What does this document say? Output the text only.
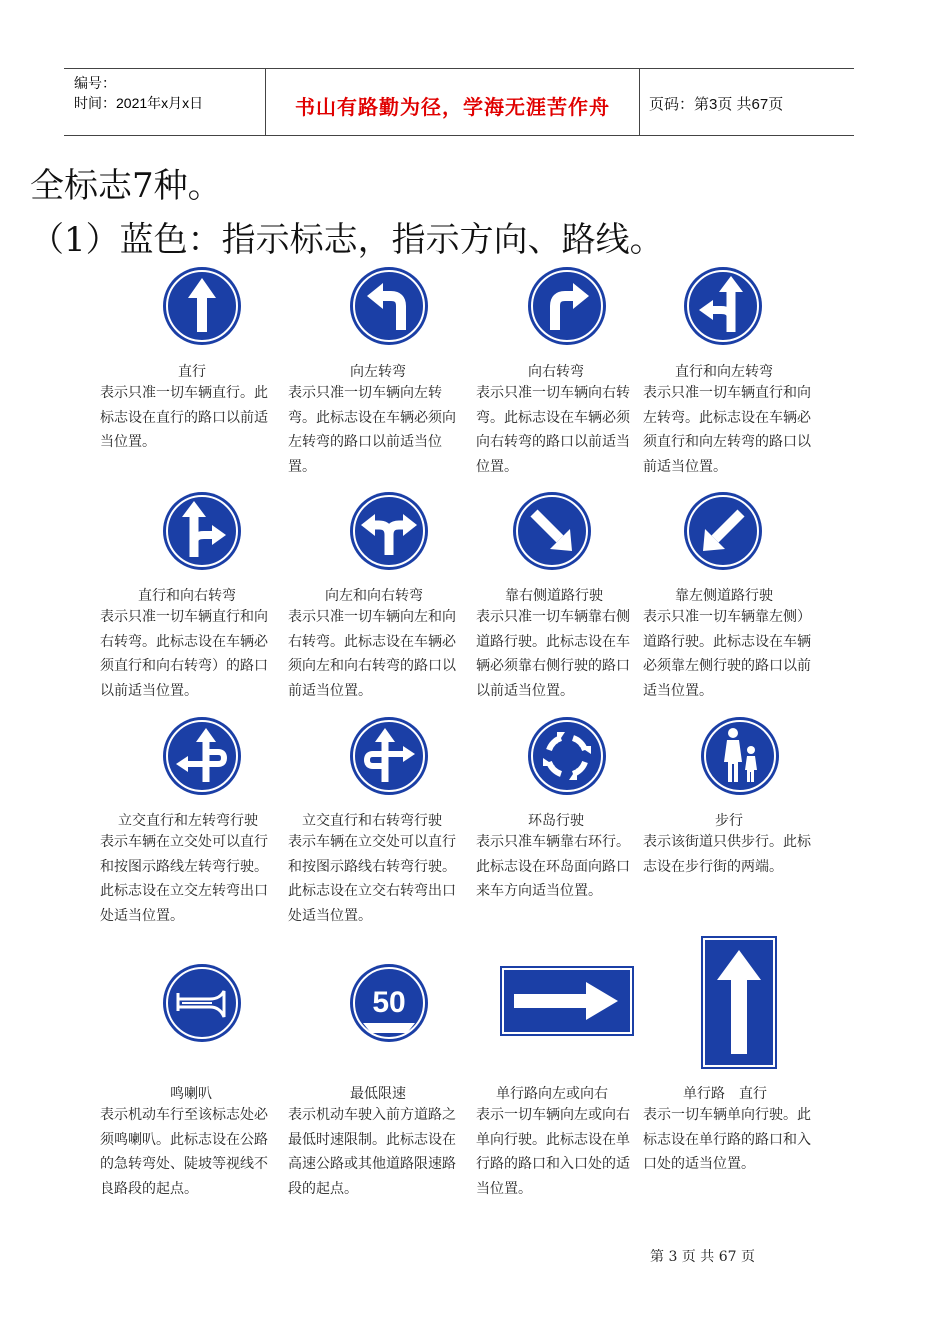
编号：
时间：2021年x月x日	书山有路勤为径，学海无涯苦作舟	页码：第3页 共67页
全标志7种。
（1）蓝色：指示标志，指示方向、路线。
50
直行
表示只准一切车辆直行。此标志设在直行的路口以前适当位置。
向左转弯
表示只准一切车辆向左转弯。此标志设在车辆必须向左转弯的路口以前适当位置。
向右转弯
表示只准一切车辆向右转弯。此标志设在车辆必须向右转弯的路口以前适当位置。
直行和向左转弯
表示只准一切车辆直行和向左转弯。此标志设在车辆必须直行和向左转弯的路口以前适当位置。
直行和向右转弯
表示只准一切车辆直行和向右转弯。此标志设在车辆必须直行和向右转弯）的路口以前适当位置。
向左和向右转弯
表示只准一切车辆向左和向右转弯。此标志设在车辆必须向左和向右转弯的路口以前适当位置。
靠右侧道路行驶
表示只准一切车辆靠右侧道路行驶。此标志设在车辆必须靠右侧行驶的路口以前适当位置。
靠左侧道路行驶
表示只准一切车辆靠左侧）道路行驶。此标志设在车辆必须靠左侧行驶的路口以前适当位置。
立交直行和左转弯行驶
表示车辆在立交处可以直行和按图示路线左转弯行驶。此标志设在立交左转弯出口处适当位置。
立交直行和右转弯行驶
表示车辆在立交处可以直行和按图示路线右转弯行驶。此标志设在立交右转弯出口处适当位置。
环岛行驶
表示只准车辆靠右环行。此标志设在环岛面向路口来车方向适当位置。
步行
表示该街道只供步行。此标志设在步行街的两端。
鸣喇叭
表示机动车行至该标志处必须鸣喇叭。此标志设在公路的急转弯处、陡坡等视线不良路段的起点。
最低限速
表示机动车驶入前方道路之最低时速限制。此标志设在高速公路或其他道路限速路段的起点。
单行路向左或向右
表示一切车辆向左或向右单向行驶。此标志设在单行路的路口和入口处的适当位置。
单行路　直行
表示一切车辆单向行驶。此标志设在单行路的路口和入口处的适当位置。
第 3 页 共 67 页
